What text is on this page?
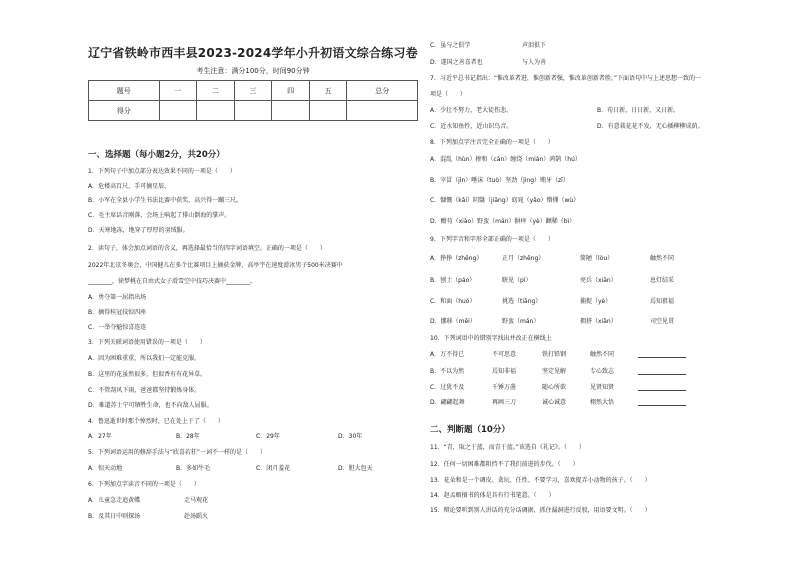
辽宁省铁岭市西丰县2023-2024学年小升初语文综合练习卷
考生注意：满分100分，时间90分钟
题号	一	二	三	四	五	总分
得分						
一、选择题（每小题2分，共20分）
1．下列句子中加点部分表达效果不同的一项是（　　）
A．危楼高百尺，手可摘星辰。
B．小军在全县小学生书法比赛中获奖，高兴得一蹦三尺。
C．毛主席话音刚落，会场上响起了排山倒海的掌声。
D．天寒地冻，地穿了厚厚的羽绒服。
2．读句子，体会加点词语的含义，再选择最恰当的四字词语填空。正确的一项是（　　）
2022年北京冬奥会，中国健儿在多个比赛项目上摘获金牌，高亭宇在速度滑冰男子500米决赛中
________，徐梦桃在自由式女子滑雪空中技巧决赛中________。
A．勇夺第一屈指出场
B．摘得桂冠技惊四座
C．一举夺魁惊喜连连
3．下列关联词语使用错误的一项是（　　）
A．因为困难重重，所以我们一定能克服。
B．这里的花虽然很多，但很香有有花异草。
C．不管刮风下雨，爸爸都坚持锻炼身体。
D．难道苏士宁可牺牲生命，也不向敌人屈服。
4．鲁迅逝世时那个悼烈时，已在处上于了（　　）
A．27年	B．28年	C．29年	D．30年
5．下列词语运用的修辞手法与“欣喜若狂”一词不一样的是（　　）
A．惊天动地	B．多如牛毛	C．闭月羞花	D．胆大包天
6．下列加点字读音不同的一项是（　　）
A．儿童急走追黄蝶	走马观花
B．及其日中则探汤	赴汤蹈火
C．虽与之俱学	声泪俱下
D．遂国之善喜者也	与人为善
7．习近平总书记指出：“惟改革者进，惟创新者强，惟改革创新者胜。”下面语句中与上述思想一致的一
项是（　　）
A．少壮不努力，老大徒伤悲。	B．苟日新，日日新，又日新。
C．近水知鱼性，近山识鸟音。	D．有意栽花花不发，无心插柳柳成荫。
8．下列加点字注音完全正确的一项是（　　）
A．混乱（hùn）掺和（cān）缠绕（mián）鸿鹄（hú）
B．宰冒（jìn）唾沫（tuò）坚劲（jìng）贿牙（zī）
C．慷慨（kǎi）阴翳（jiāng）窈窕（yǎo）懵懂（wù）
D．酣苟（xiào）野蛮（mán）摒瘁（yè）颧稀（bì）
9．下列字音和字形全部正确的一项是（　　）
A．狰狰（zhēng）	正月（zhēng）	简陋（lòu）	触然不同
B．刨土（páo）	瞎见（pì）	亮兵（xiān）	息灯结采
C．和面（huó）	挑选（tiāng）	捕捉（yè）	焉知祖福
D．挪移（mēi）	野蛮（mán）	拥挤（xiān）	司空见贯
10．下列词语中的错别字找出并改正在横线上
A．万不得已	不可思意	铁打铅钢	触然不同
B．不以为然	焉知非福	坚定见解	专心致志
C．过犹不及	千锤万凿	随心所欲	见贤知贤
D．翩翩起舞	再画三刀	诚心诚意	栩然大悟
二、判断题（10分）
11．“青，取之于蓝，而青于蓝。”该选自《礼记》。（　　）
12．任何一切困难都阻挡不了我们前进的步伐。（　　）
13．花朵和是一个调皮、贪玩、任性、不要学习，喜欢捉弄小动物的孩子。（　　）
14．赵孟頫擅书的体是具有行书笔意。（　　）
15．辩论要听到别人讲话的充分话调据，抓住漏洞进行反驳，用语要文明。（　　）
